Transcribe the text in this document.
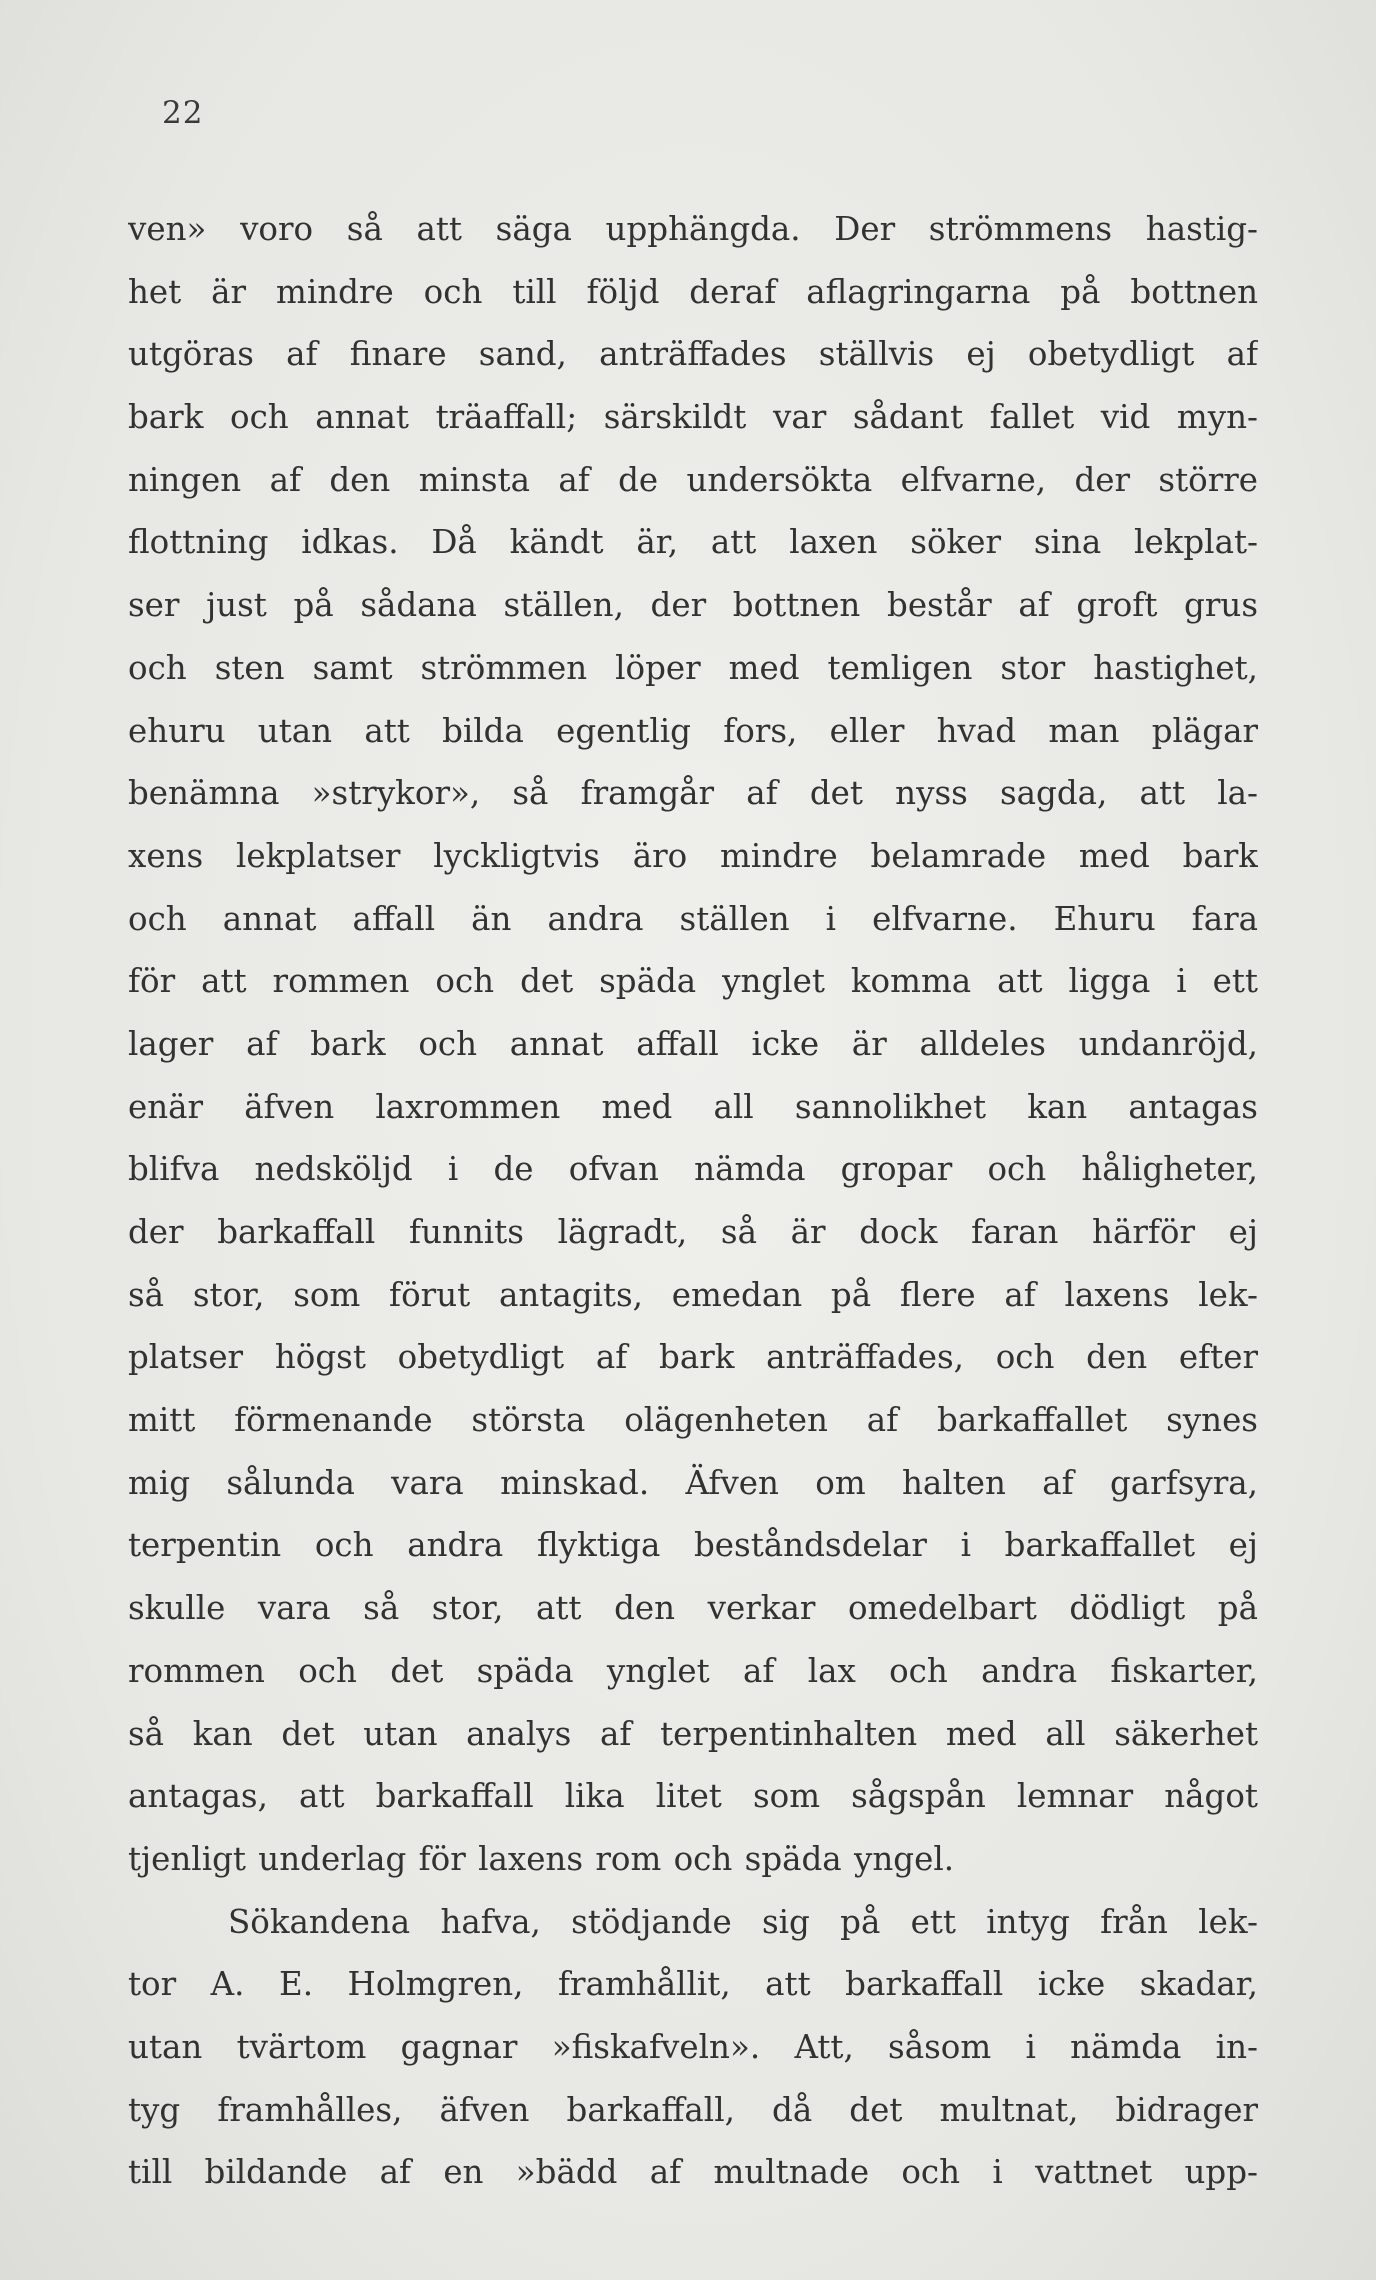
22
ven» voro så att säga upphängda. Der strömmens hastig-
het är mindre och till följd deraf aflagringarna på bottnen
utgöras af finare sand, anträffades ställvis ej obetydligt af
bark och annat träaffall; särskildt var sådant fallet vid myn-
ningen af den minsta af de undersökta elfvarne, der större
flottning idkas. Då kändt är, att laxen söker sina lekplat-
ser just på sådana ställen, der bottnen består af groft grus
och sten samt strömmen löper med temligen stor hastighet,
ehuru utan att bilda egentlig fors, eller hvad man plägar
benämna »strykor», så framgår af det nyss sagda, att la-
xens lekplatser lyckligtvis äro mindre belamrade med bark
och annat affall än andra ställen i elfvarne. Ehuru fara
för att rommen och det späda ynglet komma att ligga i ett
lager af bark och annat affall icke är alldeles undanröjd,
enär äfven laxrommen med all sannolikhet kan antagas
blifva nedsköljd i de ofvan nämda gropar och håligheter,
der barkaffall funnits lägradt, så är dock faran härför ej
så stor, som förut antagits, emedan på flere af laxens lek-
platser högst obetydligt af bark anträffades, och den efter
mitt förmenande största olägenheten af barkaffallet synes
mig sålunda vara minskad. Äfven om halten af garfsyra,
terpentin och andra flyktiga beståndsdelar i barkaffallet ej
skulle vara så stor, att den verkar omedelbart dödligt på
rommen och det späda ynglet af lax och andra fiskarter,
så kan det utan analys af terpentinhalten med all säkerhet
antagas, att barkaffall lika litet som sågspån lemnar något
tjenligt underlag för laxens rom och späda yngel.
Sökandena hafva, stödjande sig på ett intyg från lek-
tor A. E. Holmgren, framhållit, att barkaffall icke skadar,
utan tvärtom gagnar »fiskafveln». Att, såsom i nämda in-
tyg framhålles, äfven barkaffall, då det multnat, bidrager
till bildande af en »bädd af multnade och i vattnet upp-
